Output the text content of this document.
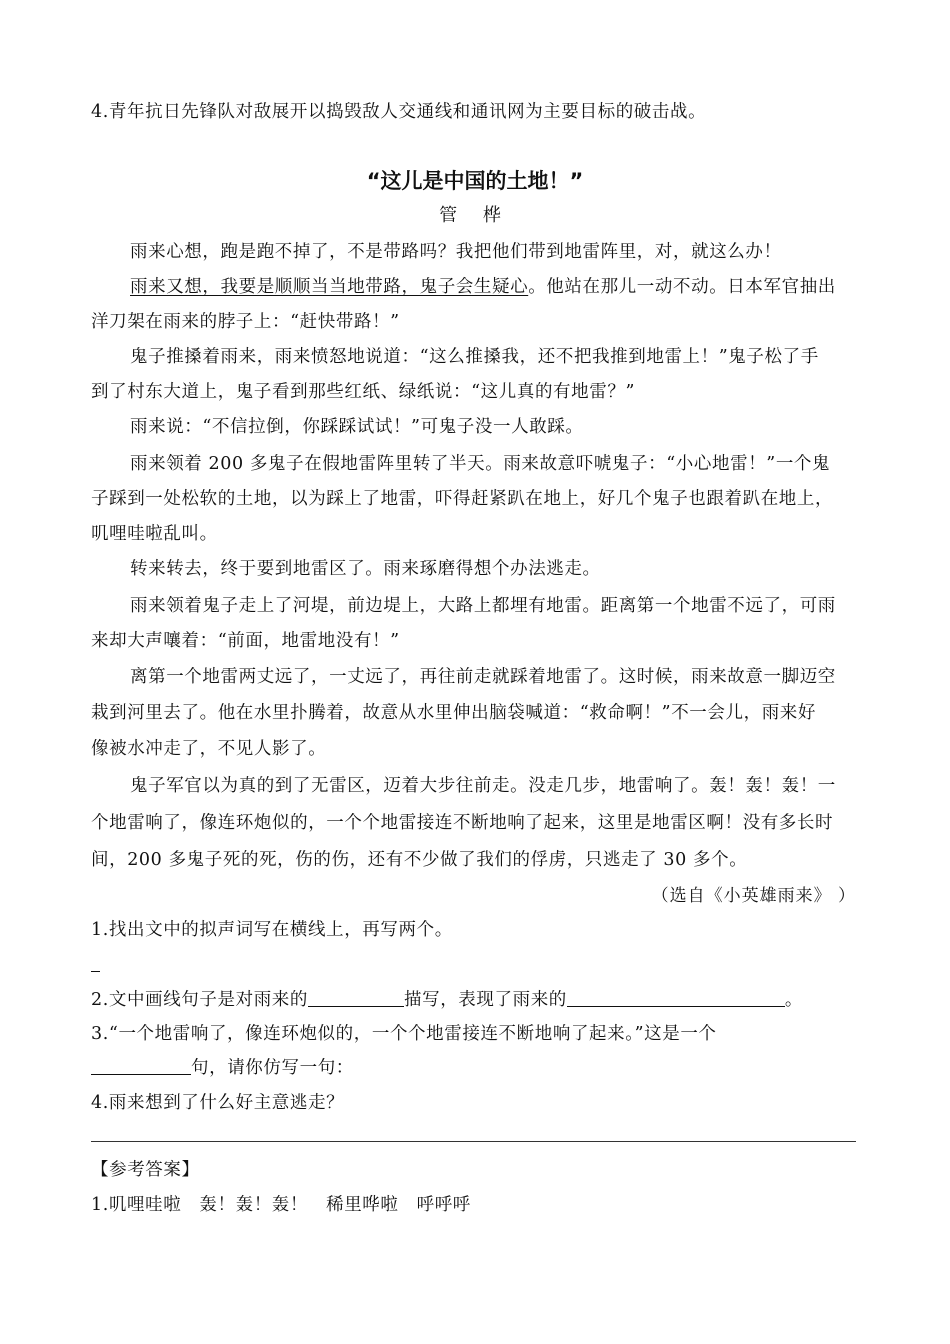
4.青年抗日先锋队对敌展开以捣毁敌人交通线和通讯网为主要目标的破击战。
“这儿是中国的土地！”
管 桦
雨来心想，跑是跑不掉了，不是带路吗？我把他们带到地雷阵里，对，就这么办！
雨来又想，我要是顺顺当当地带路，鬼子会生疑心。他站在那儿一动不动。日本军官抽出
洋刀架在雨来的脖子上：“赶快带路！”
鬼子推搡着雨来，雨来愤怒地说道：“这么推搡我，还不把我推到地雷上！”鬼子松了手
到了村东大道上，鬼子看到那些红纸、绿纸说：“这儿真的有地雷？”
雨来说：“不信拉倒，你踩踩试试！”可鬼子没一人敢踩。
雨来领着 200 多鬼子在假地雷阵里转了半天。雨来故意吓唬鬼子：“小心地雷！”一个鬼
子踩到一处松软的土地，以为踩上了地雷，吓得赶紧趴在地上，好几个鬼子也跟着趴在地上，
叽哩哇啦乱叫。
转来转去，终于要到地雷区了。雨来琢磨得想个办法逃走。
雨来领着鬼子走上了河堤，前边堤上，大路上都埋有地雷。距离第一个地雷不远了，可雨
来却大声嚷着：“前面，地雷地没有！”
离第一个地雷两丈远了，一丈远了，再往前走就踩着地雷了。这时候，雨来故意一脚迈空
栽到河里去了。他在水里扑腾着，故意从水里伸出脑袋喊道：“救命啊！”不一会儿，雨来好
像被水冲走了，不见人影了。
鬼子军官以为真的到了无雷区，迈着大步往前走。没走几步，地雷响了。轰！轰！轰！一
个地雷响了，像连环炮似的，一个个地雷接连不断地响了起来，这里是地雷区啊！没有多长时
间，200 多鬼子死的死，伤的伤，还有不少做了我们的俘虏，只逃走了 30 多个。
（选自《小英雄雨来》 ）
1.找出文中的拟声词写在横线上，再写两个。
2.文中画线句子是对雨来的	描写，表现了雨来的	。
3.“一个地雷响了，像连环炮似的，一个个地雷接连不断地响了起来。”这是一个
句，请你仿写一句：
4.雨来想到了什么好主意逃走？
【参考答案】
1.叽哩哇啦　轰！轰！轰！　稀里哗啦　呼呼呼
